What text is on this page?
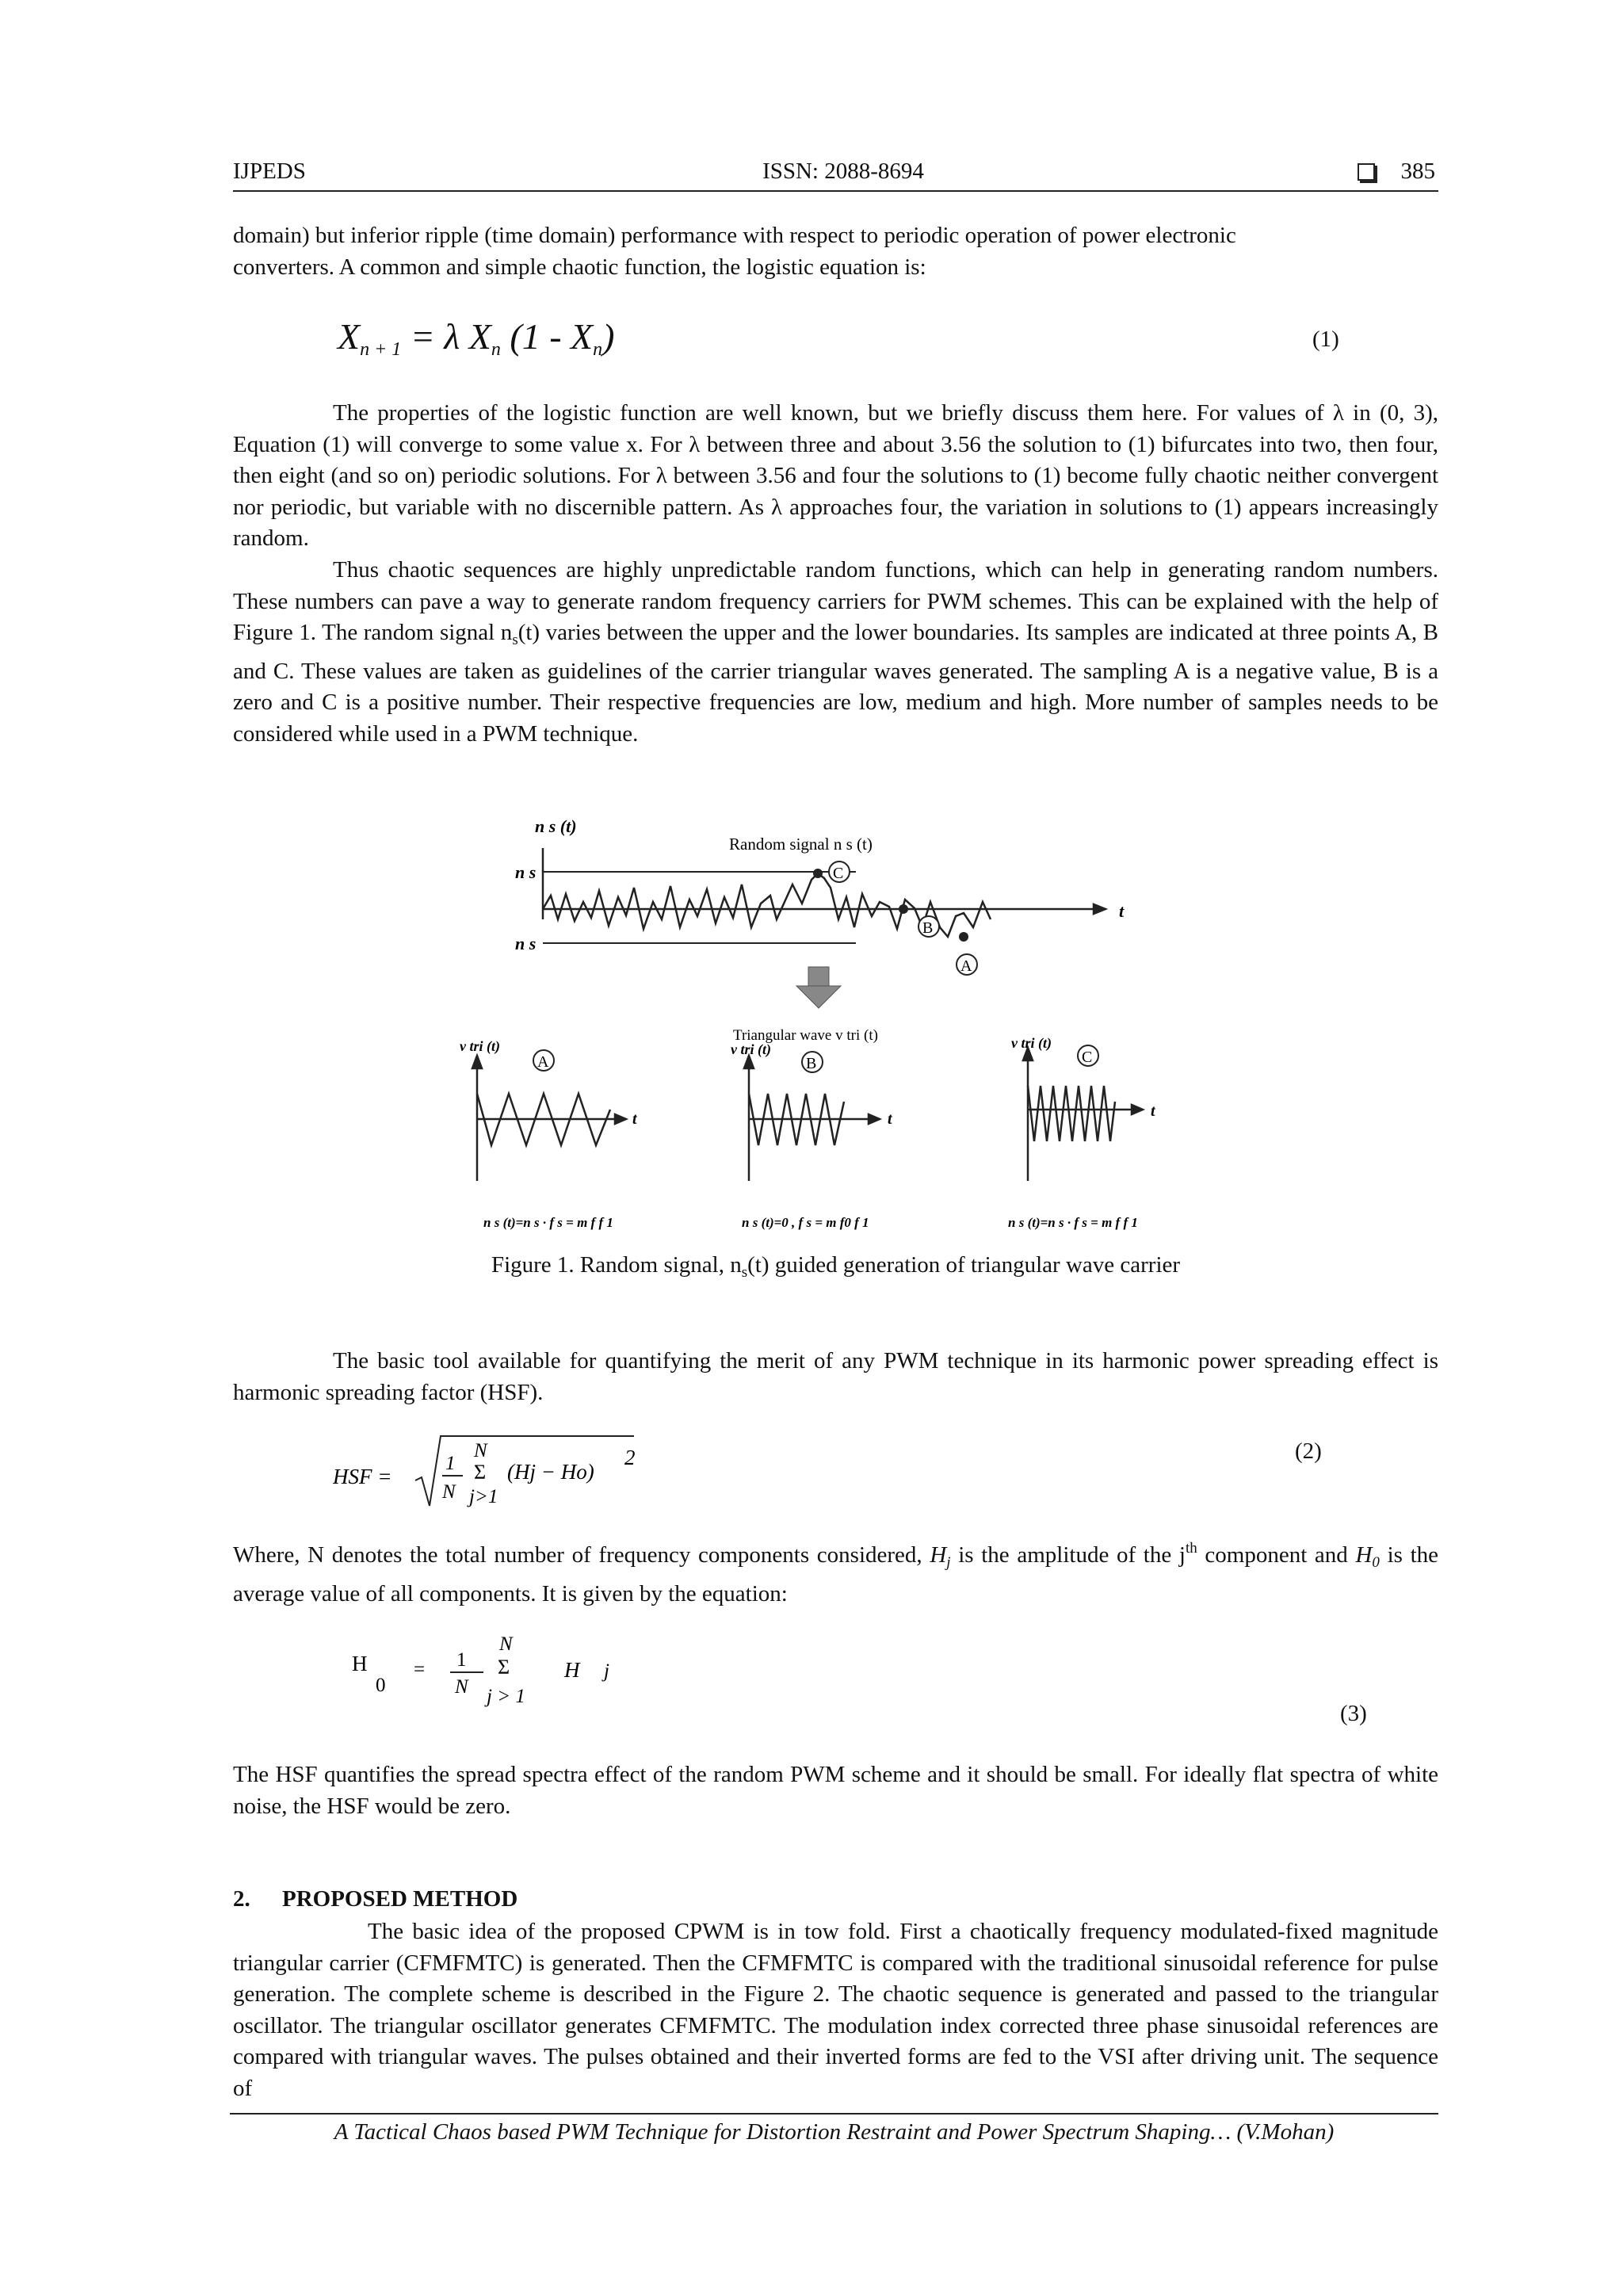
IJPEDS	ISSN: 2088-8694	385

domain) but inferior ripple (time domain) performance with respect to periodic operation of power electronic
converters. A common and simple chaotic function, the logistic equation is:

Xn + 1 = λ Xn (1 - Xn)	(1)

The properties of the logistic function are well known, but we briefly discuss them here. For values of λ in (0, 3), Equation (1) will converge to some value x. For λ between three and about 3.56 the solution to (1) bifurcates into two, then four, then eight (and so on) periodic solutions. For λ between 3.56 and four the solutions to (1) become fully chaotic neither convergent nor periodic, but variable with no discernible pattern. As λ approaches four, the variation in solutions to (1) appears increasingly random.

Thus chaotic sequences are highly unpredictable random functions, which can help in generating random numbers. These numbers can pave a way to generate random frequency carriers for PWM schemes. This can be explained with the help of Figure 1. The random signal $n_s(t)$ varies between the upper and the lower boundaries. Its samples are indicated at three points A, B and C. These values are taken as guidelines of the carrier triangular waves generated. The sampling A is a negative value, B is a zero and C is a positive number. Their respective frequencies are low, medium and high. More number of samples needs to be considered while used in a PWM technique.

n s (t)
Random signal n s (t)
n s
n s
t
C
B
A
Triangular wave v tri (t)
v tri (t)
A
t
n s (t)=n s · f s = m f f 1
v tri (t)
B
t
n s (t)=0 , f s = m f0 f 1
v tri (t)
C
t
n s (t)=n s · f s = m f f 1
Figure 1. Random signal, $n_s(t)$ guided generation of triangular wave carrier

The basic tool available for quantifying the merit of any PWM technique in its harmonic power spreading effect is harmonic spreading factor (HSF).

HSF =
1
N
N
Σ
j>1
(Hj − Ho)
2	(2)

Where, N denotes the total number of frequency components considered, $H_j$ is the amplitude of the $j^{th}$ component and $H_0$ is the average value of all components. It is given by the equation:

H
0
= 1
N
N
Σ
j > 1
H j
(3)

The HSF quantifies the spread spectra effect of the random PWM scheme and it should be small. For ideally flat spectra of white noise, the HSF would be zero.

2. PROPOSED METHOD

The basic idea of the proposed CPWM is in tow fold. First a chaotically frequency modulated-fixed magnitude triangular carrier (CFMFMTC) is generated. Then the CFMFMTC is compared with the traditional sinusoidal reference for pulse generation. The complete scheme is described in the Figure 2. The chaotic sequence is generated and passed to the triangular oscillator. The triangular oscillator generates CFMFMTC. The modulation index corrected three phase sinusoidal references are compared with triangular waves. The pulses obtained and their inverted forms are fed to the VSI after driving unit. The sequence of

A Tactical Chaos based PWM Technique for Distortion Restraint and Power Spectrum Shaping… (V.Mohan)
